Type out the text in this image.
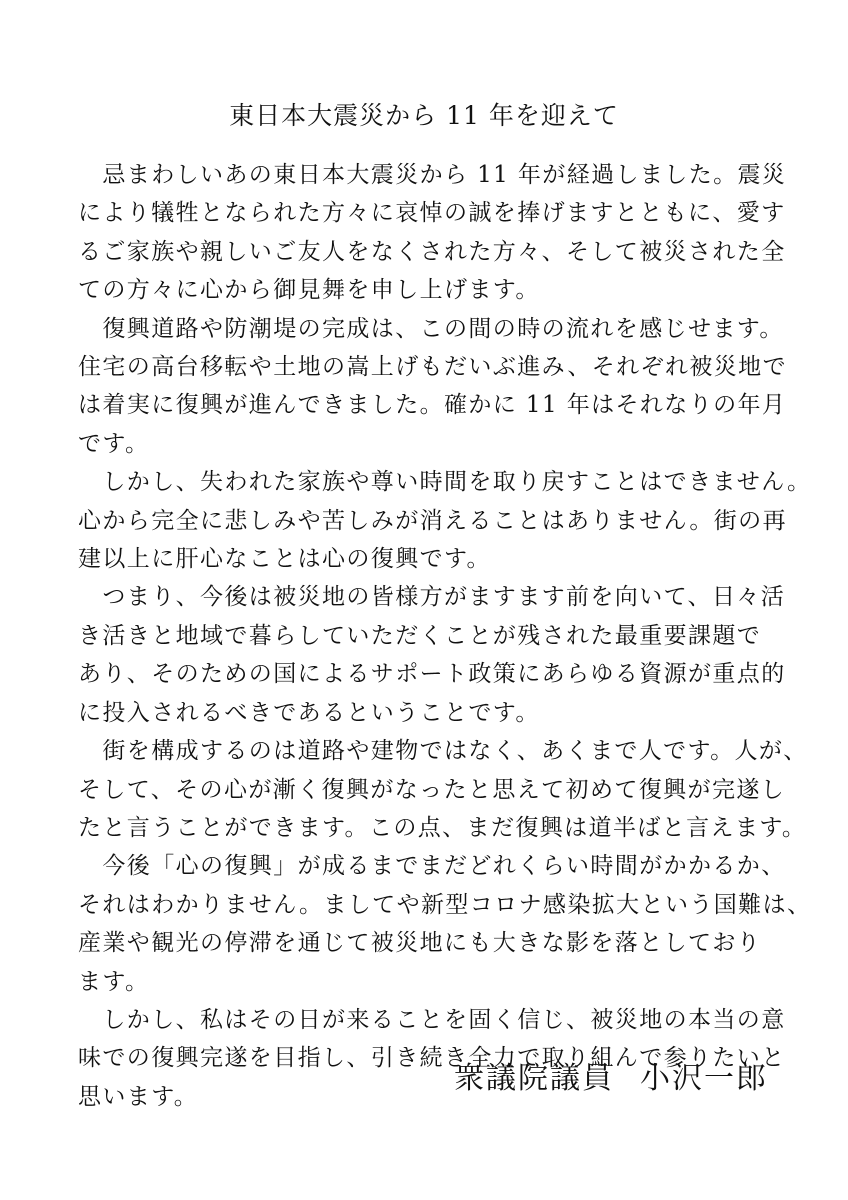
東日本大震災から 11 年を迎えて

　忌まわしいあの東日本大震災から 11 年が経過しました。震災
により犠牲となられた方々に哀悼の誠を捧げますとともに、愛す
るご家族や親しいご友人をなくされた方々、そして被災された全
ての方々に心から御見舞を申し上げます。

　復興道路や防潮堤の完成は、この間の時の流れを感じせます。
住宅の高台移転や土地の嵩上げもだいぶ進み、それぞれ被災地で
は着実に復興が進んできました。確かに 11 年はそれなりの年月
です。

　しかし、失われた家族や尊い時間を取り戻すことはできません。
心から完全に悲しみや苦しみが消えることはありません。街の再
建以上に肝心なことは心の復興です。

　つまり、今後は被災地の皆様方がますます前を向いて、日々活
き活きと地域で暮らしていただくことが残された最重要課題で
あり、そのための国によるサポート政策にあらゆる資源が重点的
に投入されるべきであるということです。

　街を構成するのは道路や建物ではなく、あくまで人です。人が、
そして、その心が漸く復興がなったと思えて初めて復興が完遂し
たと言うことができます。この点、まだ復興は道半ばと言えます。

　今後「心の復興」が成るまでまだどれくらい時間がかかるか、
それはわかりません。ましてや新型コロナ感染拡大という国難は、
産業や観光の停滞を通じて被災地にも大きな影を落としており
ます。

　しかし、私はその日が来ることを固く信じ、被災地の本当の意
味での復興完遂を目指し、引き続き全力で取り組んで参りたいと
思います。

衆議院議員 小沢一郎
